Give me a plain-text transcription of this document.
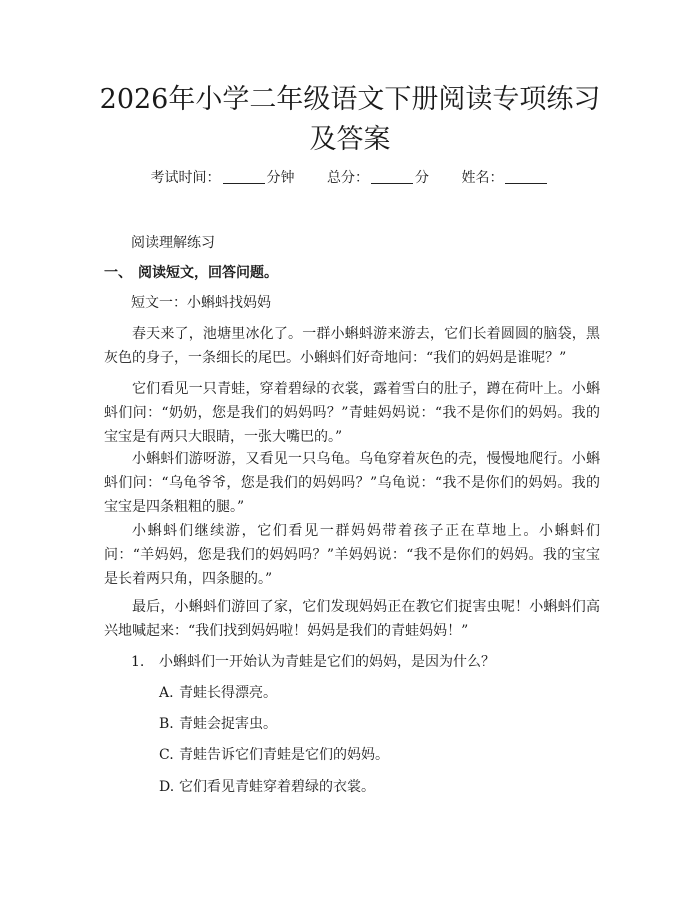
2026年小学二年级语文下册阅读专项练习及答案
考试时间：	分钟 总分：	分 姓名：

阅读理解练习

一、 阅读短文，回答问题。

短文一：小蝌蚪找妈妈

春天来了，池塘里冰化了。一群小蝌蚪游来游去，它们长着圆圆的脑袋，黑灰色的身子，一条细长的尾巴。小蝌蚪们好奇地问：“我们的妈妈是谁呢？”

它们看见一只青蛙，穿着碧绿的衣裳，露着雪白的肚子，蹲在荷叶上。小蝌蚪们问：“奶奶，您是我们的妈妈吗？”青蛙妈妈说：“我不是你们的妈妈。我的宝宝是有两只大眼睛，一张大嘴巴的。”

小蝌蚪们游呀游，又看见一只乌龟。乌龟穿着灰色的壳，慢慢地爬行。小蝌蚪们问：“乌龟爷爷，您是我们的妈妈吗？”乌龟说：“我不是你们的妈妈。我的宝宝是四条粗粗的腿。”

小蝌蚪们继续游，它们看见一群妈妈带着孩子正在草地上。小蝌蚪们问：“羊妈妈，您是我们的妈妈吗？”羊妈妈说：“我不是你们的妈妈。我的宝宝是长着两只角，四条腿的。”

最后，小蝌蚪们游回了家，它们发现妈妈正在教它们捉害虫呢！小蝌蚪们高兴地喊起来：“我们找到妈妈啦！妈妈是我们的青蛙妈妈！”

1. 小蝌蚪们一开始认为青蛙是它们的妈妈，是因为什么？

A. 青蛙长得漂亮。

B. 青蛙会捉害虫。

C. 青蛙告诉它们青蛙是它们的妈妈。

D. 它们看见青蛙穿着碧绿的衣裳。
